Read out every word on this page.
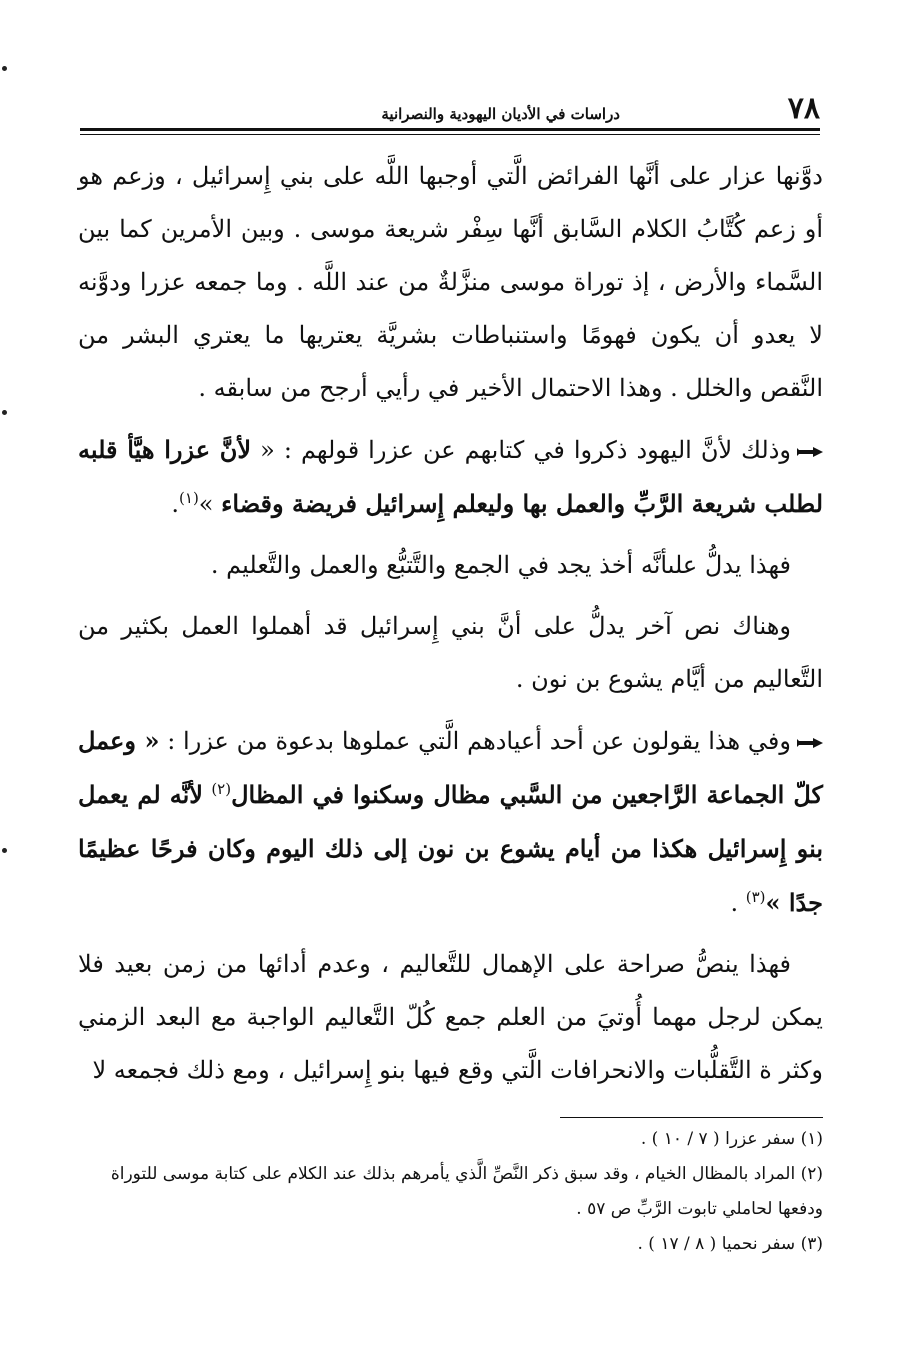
٧٨
دراسات في الأديان اليهودية والنصرانية

دوَّنها عزار على أنَّها الفرائض الَّتي أوجبها اللَّه على بني إِسرائيل ، وزعم هو أو زعم كُتَّابُ الكلام السَّابق أنَّها سِفْر شريعة موسى . وبين الأمرين كما بين السَّماء والأرض ، إذ توراة موسى منزَّلةٌ من عند اللَّه . وما جمعه عزرا ودوَّنه لا يعدو أن يكون فهومًا واستنباطات بشريَّة يعتريها ما يعتري البشر من النَّقص والخلل . وهذا الاحتمال الأخير في رأيي أرجح من سابقه .

وذلك لأنَّ اليهود ذكروا في كتابهم عن عزرا قولهم : « لأنَّ عزرا هيَّأ قلبه لطلب شريعة الرَّبِّ والعمل بها وليعلم إِسرائيل فريضة وقضاء »$^{(١)}$.

فهذا يدلُّ علىأنَّه أخذ يجد في الجمع والتَّتبُّع والعمل والتَّعليم .

وهناك نص آخر يدلُّ على أنَّ بني إِسرائيل قد أهملوا العمل بكثير من التَّعاليم من أيَّام يشوع بن نون .

وفي هذا يقولون عن أحد أعيادهم الَّتي عملوها بدعوة من عزرا : « وعمل كلّ الجماعة الرَّاجعين من السَّبي مظال وسكنوا في المظال$^{(٢)}$ لأنَّه لم يعمل بنو إِسرائيل هكذا من أيام يشوع بن نون إلى ذلك اليوم وكان فرحًا عظيمًا جدًا »$^{(٣)}$ .

فهذا ينصُّ صراحة على الإهمال للتَّعاليم ، وعدم أدائها من زمن بعيد فلا يمكن لرجل مهما أُوتيَ من العلم جمع كُلّ التَّعاليم الواجبة مع البعد الزمني وكثر ة التَّقلُّبات والانحرافات الَّتي وقع فيها بنو إِسرائيل ، ومع ذلك فجمعه لا

(١) سفر عزرا ( ٧ / ١٠ ) .

(٢) المراد بالمظال الخيام ، وقد سبق ذكر النَّصِّ الَّذي يأمرهم بذلك عند الكلام على كتابة موسى للتوراة ودفعها لحاملي تابوت الرَّبِّ ص ٥٧ .

(٣) سفر نحميا ( ٨ / ١٧ ) .
